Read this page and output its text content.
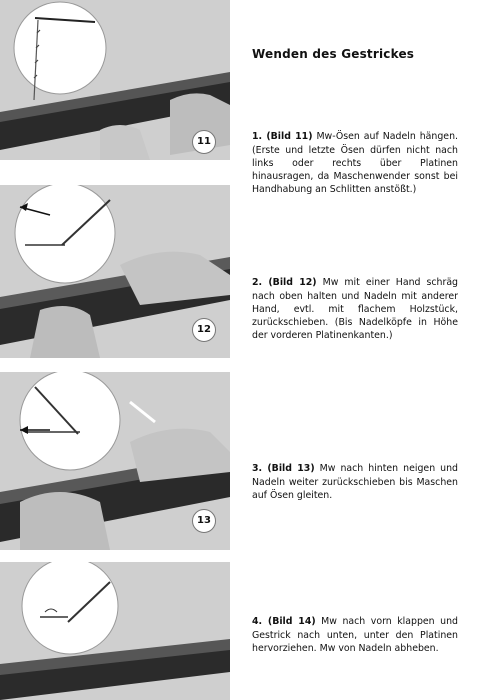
11
12
13
Wenden des Gestrickes

1. (Bild 11) Mw-Ösen auf Nadeln hängen. (Erste und letzte Ösen dürfen nicht nach links oder rechts über Platinen hinausragen, da Maschenwender sonst bei Handhabung an Schlitten anstößt.)

2. (Bild 12) Mw mit einer Hand schräg nach oben halten und Nadeln mit anderer Hand, evtl. mit flachem Holzstück, zurückschieben. (Bis Nadelköpfe in Höhe der vorderen Platinenkanten.)

3. (Bild 13) Mw nach hinten neigen und Nadeln weiter zurückschieben bis Maschen auf Ösen gleiten.

4. (Bild 14) Mw nach vorn klappen und Gestrick nach unten, unter den Platinen hervorziehen. Mw von Nadeln abheben.
